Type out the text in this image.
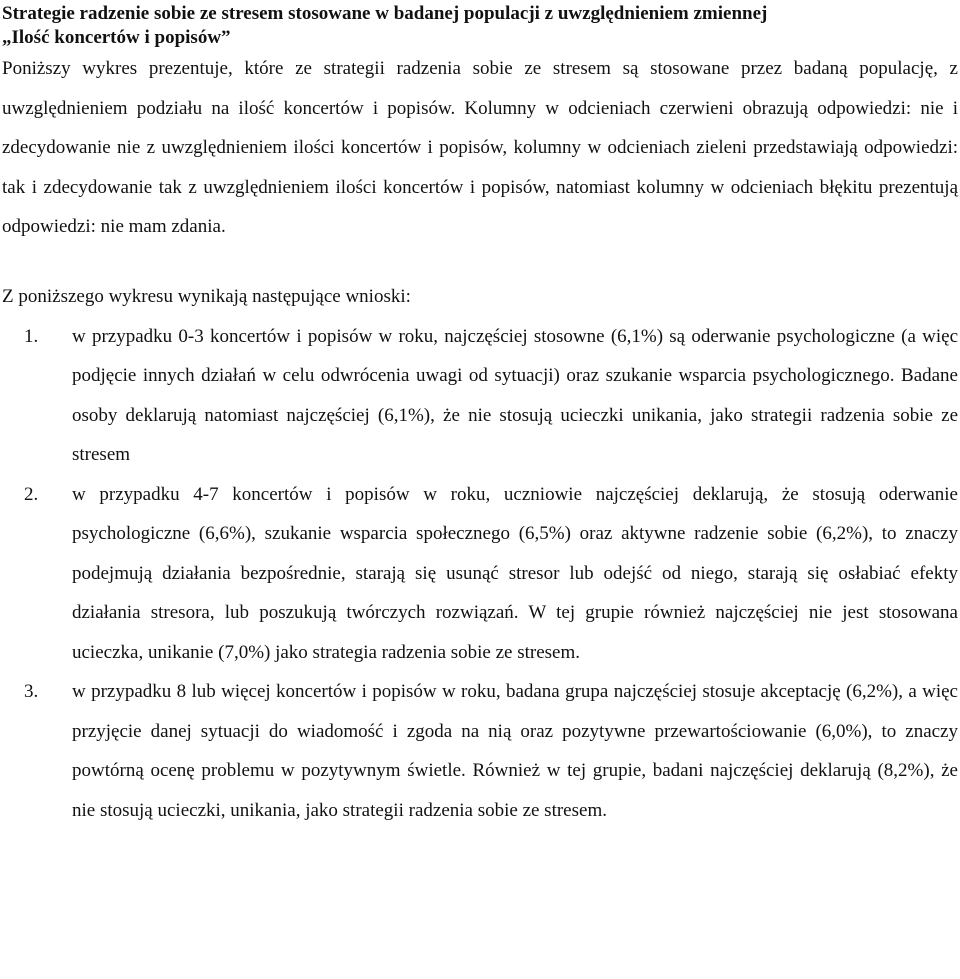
Strategie radzenie sobie ze stresem stosowane w badanej populacji z uwzględnieniem zmiennej
„Ilość koncertów i popisów”

Poniższy wykres prezentuje, które ze strategii radzenia sobie ze stresem są stosowane przez badaną populację, z uwzględnieniem podziału na ilość koncertów i popisów. Kolumny w odcieniach czerwieni obrazują odpowiedzi: nie i zdecydowanie nie z uwzględnieniem ilości koncertów i popisów, kolumny w odcieniach zieleni przedstawiają odpowiedzi: tak i zdecydowanie tak z uwzględnieniem ilości koncertów i popisów, natomiast kolumny w odcieniach błękitu prezentują odpowiedzi: nie mam zdania.

Z poniższego wykresu wynikają następujące wnioski:

1. w przypadku 0-3 koncertów i popisów w roku, najczęściej stosowne (6,1%) są oderwanie psychologiczne (a więc podjęcie innych działań w celu odwrócenia uwagi od sytuacji) oraz szukanie wsparcia psychologicznego. Badane osoby deklarują natomiast najczęściej (6,1%), że nie stosują ucieczki unikania, jako strategii radzenia sobie ze stresem
2. w przypadku 4-7 koncertów i popisów w roku, uczniowie najczęściej deklarują, że stosują oderwanie psychologiczne (6,6%), szukanie wsparcia społecznego (6,5%) oraz aktywne radzenie sobie (6,2%), to znaczy podejmują działania bezpośrednie, starają się usunąć stresor lub odejść od niego, starają się osłabiać efekty działania stresora, lub poszukują twórczych rozwiązań. W tej grupie również najczęściej nie jest stosowana ucieczka, unikanie (7,0%) jako strategia radzenia sobie ze stresem.
3. w przypadku 8 lub więcej koncertów i popisów w roku, badana grupa najczęściej stosuje akceptację (6,2%), a więc przyjęcie danej sytuacji do wiadomość i zgoda na nią oraz pozytywne przewartościowanie (6,0%), to znaczy powtórną ocenę problemu w pozytywnym świetle. Również w tej grupie, badani najczęściej deklarują (8,2%), że nie stosują ucieczki, unikania, jako strategii radzenia sobie ze stresem.
